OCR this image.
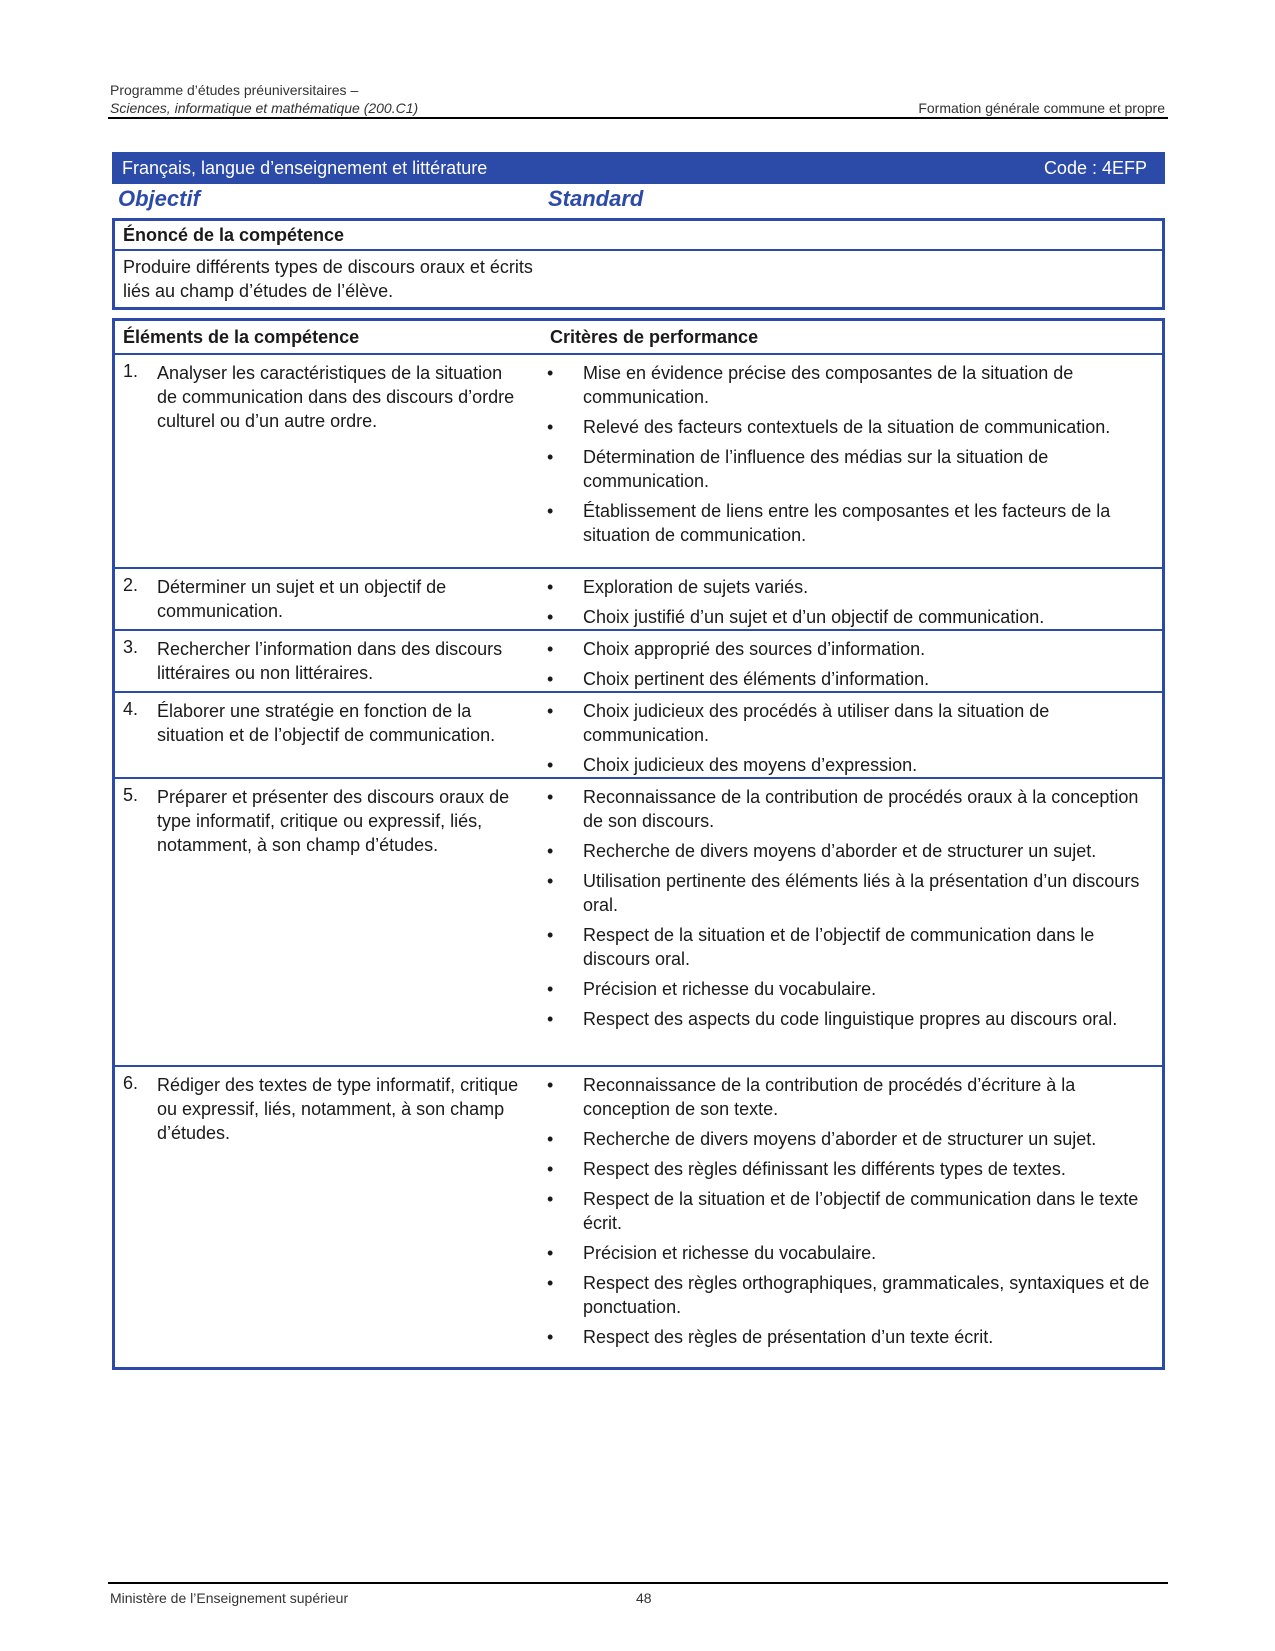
Programme d’études préuniversitaires –
Sciences, informatique et mathématique (200.C1)	Formation générale commune et propre
Français, langue d’enseignement et littérature	Code : 4EFP
Objectif	Standard
Énoncé de la compétence
Produire différents types de discours oraux et écrits liés au champ d’études de l’élève.
Éléments de la compétence	Critères de performance
1. Analyser les caractéristiques de la situation de communication dans des discours d’ordre culturel ou d’un autre ordre.
• Mise en évidence précise des composantes de la situation de communication.
• Relevé des facteurs contextuels de la situation de communication.
• Détermination de l’influence des médias sur la situation de communication.
• Établissement de liens entre les composantes et les facteurs de la situation de communication.
2. Déterminer un sujet et un objectif de communication.
• Exploration de sujets variés.
• Choix justifié d’un sujet et d’un objectif de communication.
3. Rechercher l’information dans des discours littéraires ou non littéraires.
• Choix approprié des sources d’information.
• Choix pertinent des éléments d’information.
4. Élaborer une stratégie en fonction de la situation et de l’objectif de communication.
• Choix judicieux des procédés à utiliser dans la situation de communication.
• Choix judicieux des moyens d’expression.
5. Préparer et présenter des discours oraux de type informatif, critique ou expressif, liés, notamment, à son champ d’études.
• Reconnaissance de la contribution de procédés oraux à la conception de son discours.
• Recherche de divers moyens d’aborder et de structurer un sujet.
• Utilisation pertinente des éléments liés à la présentation d’un discours oral.
• Respect de la situation et de l’objectif de communication dans le discours oral.
• Précision et richesse du vocabulaire.
• Respect des aspects du code linguistique propres au discours oral.
6. Rédiger des textes de type informatif, critique ou expressif, liés, notamment, à son champ d’études.
• Reconnaissance de la contribution de procédés d’écriture à la conception de son texte.
• Recherche de divers moyens d’aborder et de structurer un sujet.
• Respect des règles définissant les différents types de textes.
• Respect de la situation et de l’objectif de communication dans le texte écrit.
• Précision et richesse du vocabulaire.
• Respect des règles orthographiques, grammaticales, syntaxiques et de ponctuation.
• Respect des règles de présentation d’un texte écrit.
Ministère de l’Enseignement supérieur	48
